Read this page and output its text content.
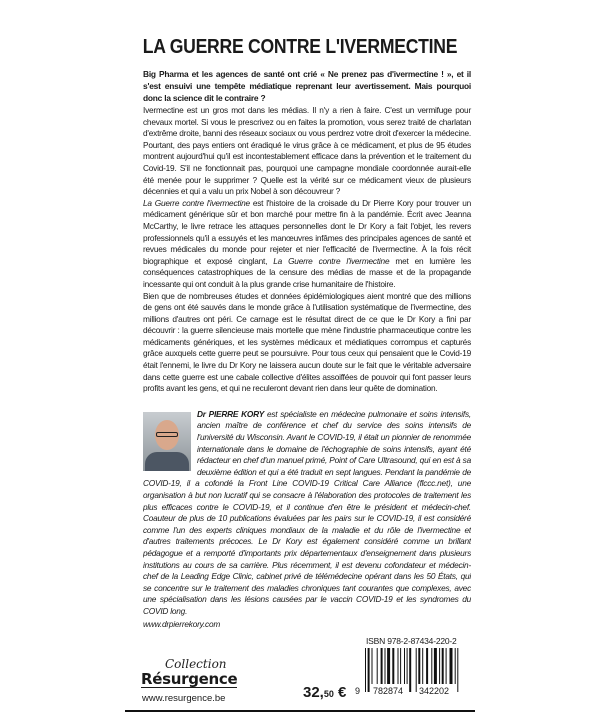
LA GUERRE CONTRE L'IVERMECTINE

Big Pharma et les agences de santé ont crié « Ne prenez pas d'ivermectine ! », et il s'est ensuivi une tempête médiatique reprenant leur avertissement. Mais pourquoi donc la science dit le contraire ?

Ivermectine est un gros mot dans les médias. Il n'y a rien à faire. C'est un vermifuge pour chevaux mortel. Si vous le prescrivez ou en faites la promotion, vous serez traité de charlatan d'extrême droite, banni des réseaux sociaux ou vous perdrez votre droit d'exercer la médecine. Pourtant, des pays entiers ont éradiqué le virus grâce à ce médicament, et plus de 95 études montrent aujourd'hui qu'il est incontestablement efficace dans la prévention et le traitement du Covid-19. S'il ne fonctionnait pas, pourquoi une campagne mondiale coordonnée aurait-elle été menée pour le supprimer ? Quelle est la vérité sur ce médicament vieux de plusieurs décennies et qui a valu un prix Nobel à son découvreur ?

La Guerre contre l'ivermectine est l'histoire de la croisade du Dr Pierre Kory pour trouver un médicament générique sûr et bon marché pour mettre fin à la pandémie. Écrit avec Jeanna McCarthy, le livre retrace les attaques personnelles dont le Dr Kory a fait l'objet, les revers professionnels qu'il a essuyés et les manœuvres infâmes des principales agences de santé et revues médicales du monde pour rejeter et nier l'efficacité de l'ivermectine. À la fois récit biographique et exposé cinglant, La Guerre contre l'ivermectine met en lumière les conséquences catastrophiques de la censure des médias de masse et de la propagande incessante qui ont conduit à la plus grande crise humanitaire de l'histoire.

Bien que de nombreuses études et données épidémiologiques aient montré que des millions de gens ont été sauvés dans le monde grâce à l'utilisation systématique de l'ivermectine, des millions d'autres ont péri. Ce carnage est le résultat direct de ce que le Dr Kory a fini par découvrir : la guerre silencieuse mais mortelle que mène l'industrie pharmaceutique contre les médicaments génériques, et les systèmes médicaux et médiatiques corrompus et capturés grâce auxquels cette guerre peut se poursuivre. Pour tous ceux qui pensaient que le Covid-19 était l'ennemi, le livre du Dr Kory ne laissera aucun doute sur le fait que le véritable adversaire dans cette guerre est une cabale collective d'élites assoiffées de pouvoir qui font passer leurs profits avant les gens, et qui ne reculeront devant rien dans leur quête de domination.

Dr PIERRE KORY est spécialiste en médecine pulmonaire et soins intensifs, ancien maître de conférence et chef du service des soins intensifs de l'université du Wisconsin. Avant le COVID-19, il était un pionnier de renommée internationale dans le domaine de l'échographie de soins intensifs, ayant été rédacteur en chef d'un manuel primé, Point of Care Ultrasound, qui en est à sa deuxième édition et qui a été traduit en sept langues. Pendant la pandémie de COVID-19, il a cofondé la Front Line COVID-19 Critical Care Alliance (flccc.net), une organisation à but non lucratif qui se consacre à l'élaboration des protocoles de traitement les plus efficaces contre le COVID-19, et il continue d'en être le président et médecin-chef. Coauteur de plus de 10 publications évaluées par les pairs sur le COVID-19, il est considéré comme l'un des experts cliniques mondiaux de la maladie et du rôle de l'ivermectine et d'autres traitements précoces. Le Dr Kory est également considéré comme un brillant pédagogue et a remporté d'importants prix départementaux d'enseignement dans plusieurs institutions au cours de sa carrière. Plus récemment, il est devenu cofondateur et médecin-chef de la Leading Edge Clinic, cabinet privé de télémédecine opérant dans les 50 États, qui se concentre sur le traitement des maladies chroniques tant courantes que complexes, avec une spécialisation dans les lésions causées par le vaccin COVID-19 et les syndromes du COVID long.

www.drpierrekory.com

Collection
Résurgence
www.resurgence.be	32,50 €
ISBN 978-2-87434-220-2
9 782874 342202
